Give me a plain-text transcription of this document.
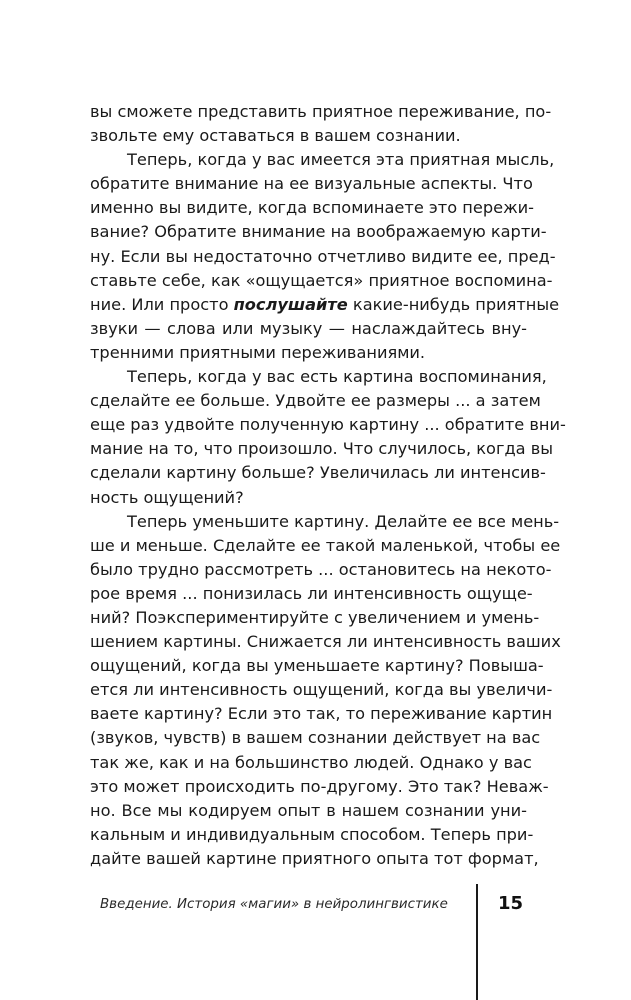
вы сможете представить приятное переживание, по-
звольте ему оставаться в вашем сознании.
Теперь, когда у вас имеется эта приятная мысль,
обратите внимание на ее визуальные аспекты. Что
именно вы видите, когда вспоминаете это пережи-
вание? Обратите внимание на воображаемую карти-
ну. Если вы недостаточно отчетливо видите ее, пред-
ставьте себе, как «ощущается» приятное воспомина-
ние. Или просто послушайте какие-нибудь приятные
звуки — слова или музыку — наслаждайтесь вну-
тренними приятными переживаниями.
Теперь, когда у вас есть картина воспоминания,
сделайте ее больше. Удвойте ее размеры ... а затем
еще раз удвойте полученную картину ... обратите вни-
мание на то, что произошло. Что случилось, когда вы
сделали картину больше? Увеличилась ли интенсив-
ность ощущений?
Теперь уменьшите картину. Делайте ее все мень-
ше и меньше. Сделайте ее такой маленькой, чтобы ее
было трудно рассмотреть ... остановитесь на некото-
рое время ... понизилась ли интенсивность ощуще-
ний? Поэкспериментируйте с увеличением и умень-
шением картины. Снижается ли интенсивность ваших
ощущений, когда вы уменьшаете картину? Повыша-
ется ли интенсивность ощущений, когда вы увеличи-
ваете картину? Если это так, то переживание картин
(звуков, чувств) в вашем сознании действует на вас
так же, как и на большинство людей. Однако у вас
это может происходить по-другому. Это так? Неваж-
но. Все мы кодируем опыт в нашем сознании уни-
кальным и индивидуальным способом. Теперь при-
дайте вашей картине приятного опыта тот формат,
Введение. История «магии» в нейролингвистике	15
